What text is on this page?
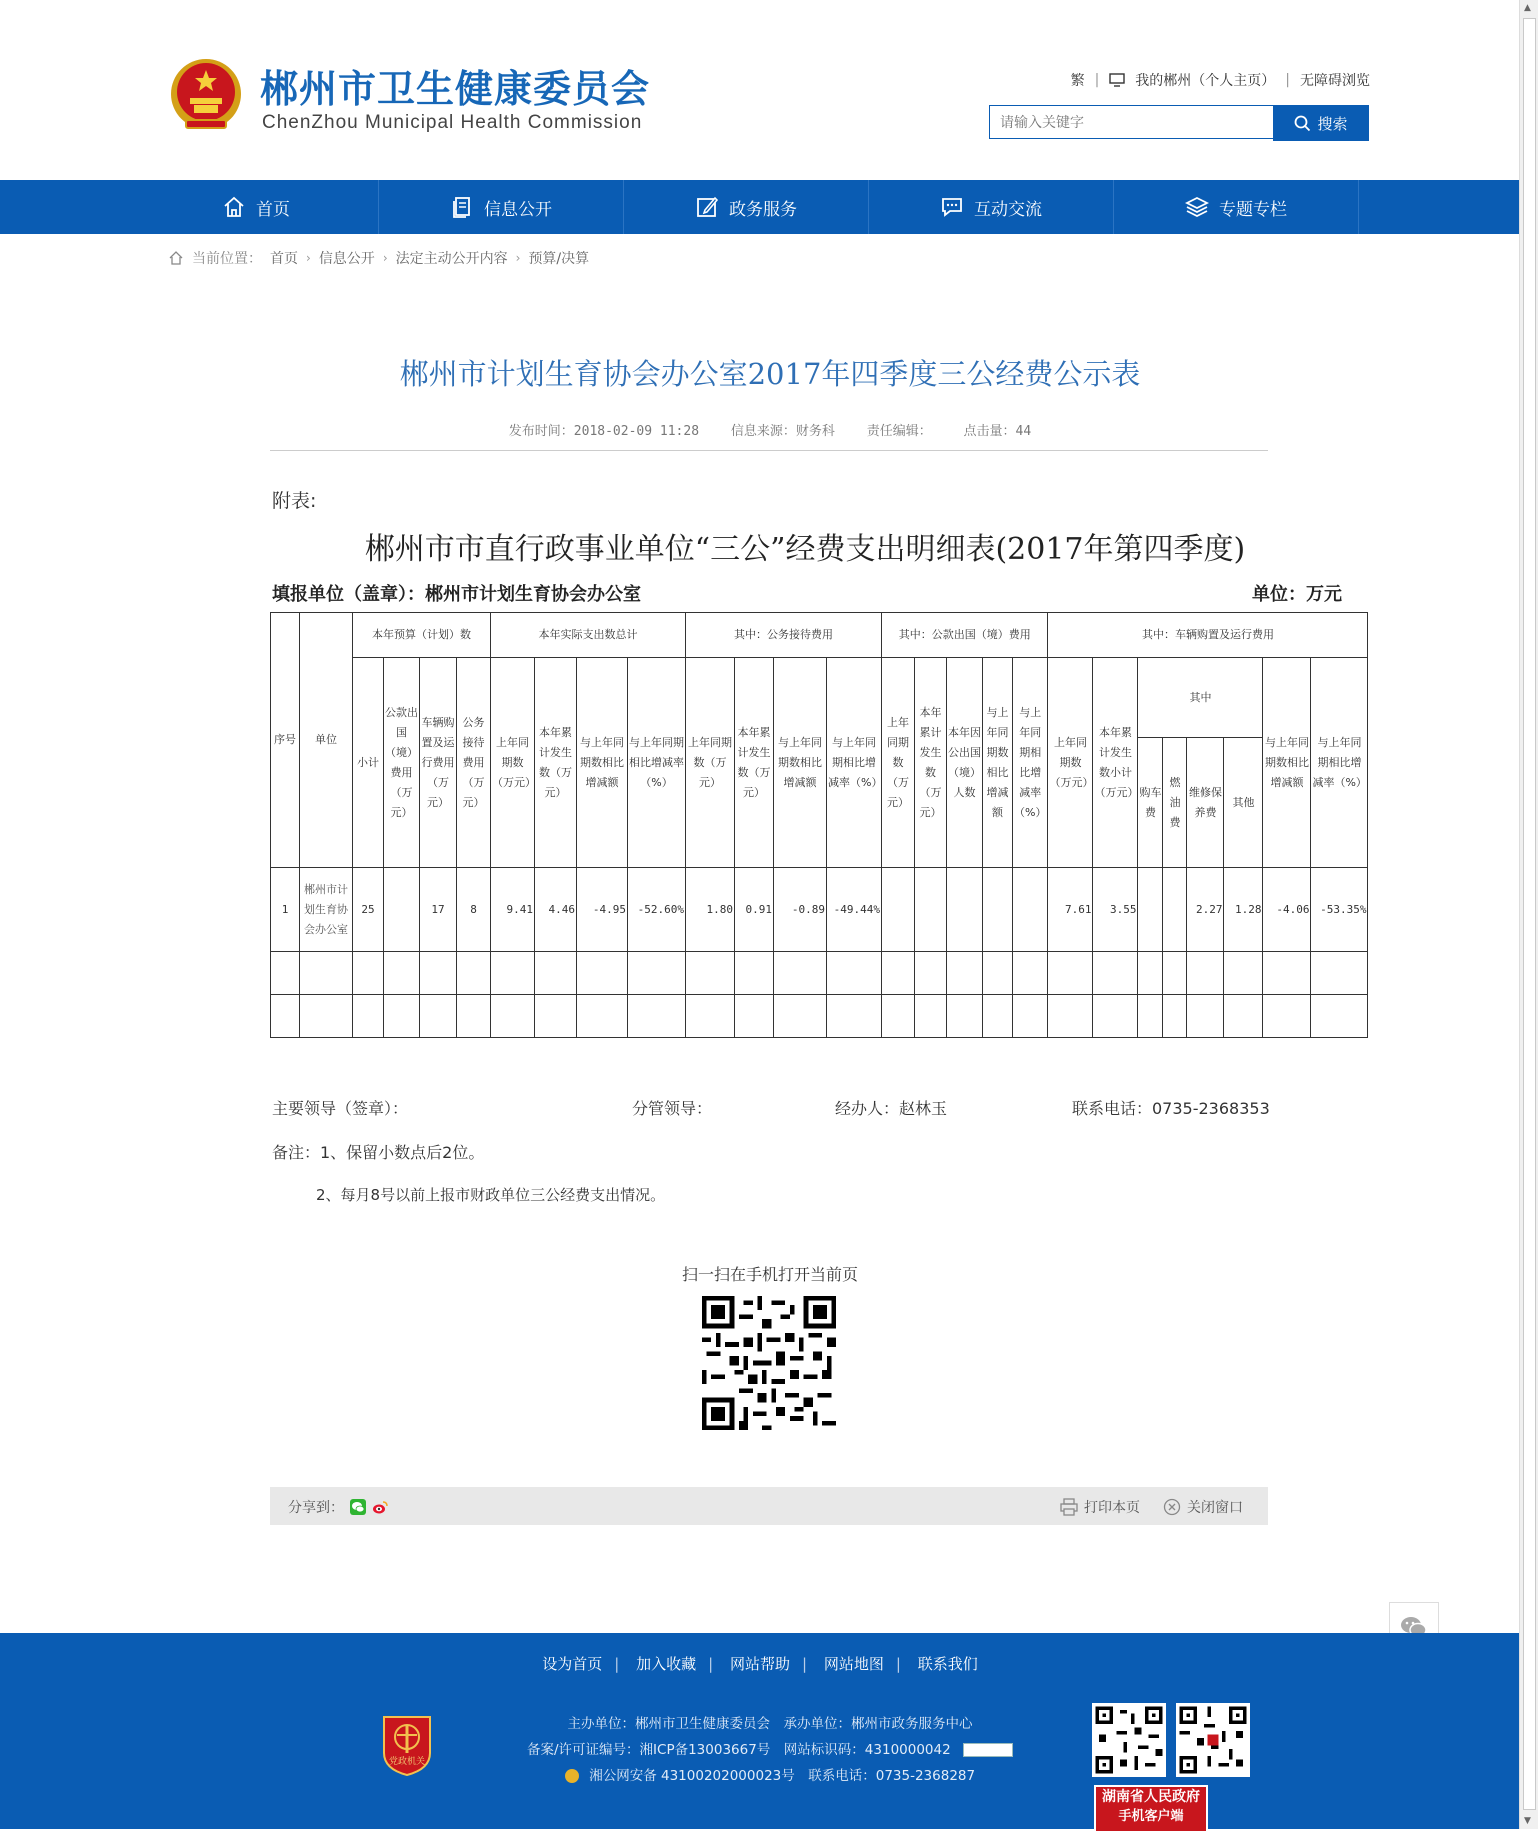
郴州市卫生健康委员会
ChenZhou Municipal Health Commission
繁 |	我的郴州（个人主页） | 无障碍浏览
请输入关键字
搜索
首页	信息公开	政务服务	互动交流	专题专栏
当前位置： 首页 › 信息公开 › 法定主动公开内容 › 预算/决算
郴州市计划生育协会办公室2017年四季度三公经费公示表
发布时间：2018-02-09 11:28 信息来源：财务科 责任编辑： 点击量：44
附表:
郴州市市直行政事业单位“三公”经费支出明细表(2017年第四季度)
填报单位（盖章）：郴州市计划生育协会办公室	单位：万元
序号	单位	本年预算（计划）数				本年实际支出数总计				其中：公务接待费用				其中：公款出国（境）费用					其中：车辆购置及运行费用							
		小计	公款出国（境）费用（万元）	车辆购置及运行费用（万元）	公务接待费用（万元）	上年同期数（万元）	本年累计发生数（万元）	与上年同期数相比增减额	与上年同期相比增减率（%）	上年同期数（万元）	本年累计发生数（万元）	与上年同期数相比增减额	与上年同期相比增减率（%）	上年同期数（万元）	本年累计发生数（万元）	本年因公出国（境）人数	与上年同期数相比增减额	与上年同期相比增减率（%）	上年同期数（万元）	本年累计发生数小计（万元）	其中				与上年同期数相比增减额	与上年同期相比增减率（%）
																					购车费	燃油费	维修保养费	其他		

1	郴州市计划生育协会办公室	25		17	8	9.41	4.46	-4.95	-52.60%	1.80	0.91	-0.89	-49.44%						7.61	3.55			2.27	1.28	-4.06	-53.35%

主要领导（签章）：	分管领导：	经办人：赵林玉	联系电话：0735-2368353
备注：1、保留小数点后2位。
2、每月8号以前上报市财政单位三公经费支出情况。
扫一扫在手机打开当前页
分享到：	打印本页	关闭窗口
设为首页 | 加入收藏 | 网站帮助 | 网站地图 | 联系我们
党政机关
主办单位：郴州市卫生健康委员会　承办单位：郴州市政务服务中心
备案/许可证编号：湘ICP备13003667号　网站标识码：4310000042
湘公网安备 43100202000023号　联系电话：0735-2368287
湖南省人民政府
手机客户端
▲
▼
